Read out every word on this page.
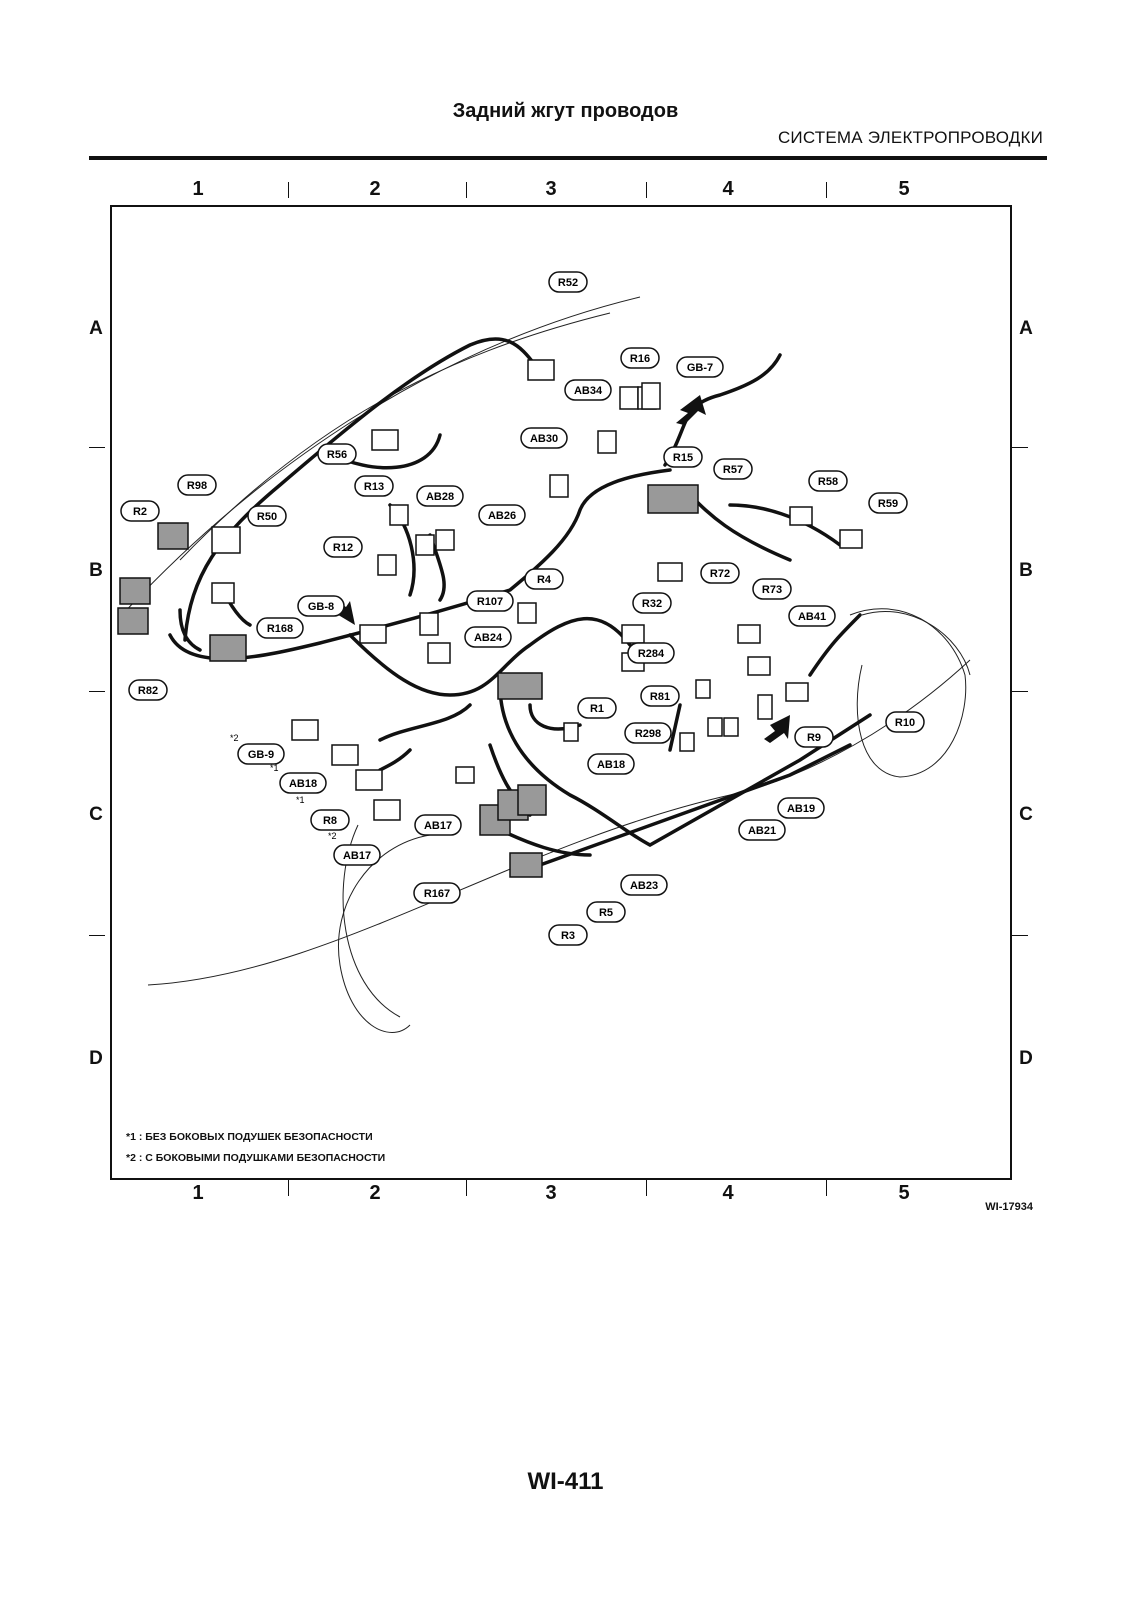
Задний жгут проводов
СИСТЕМА ЭЛЕКТРОПРОВОДКИ
1	2	3	4	5
1	2	3	4	5
A
B
C
D
A
B
C
D
R52
R16
GB-7
AB34
AB30
R15
R57
R58
R59
R56
R13
AB28
AB26
R98
R2	R50
R12
R72
R4
GB-8	R107	R32
R73
AB41
R168
AB24
R284
R82
R1
R81
R10
R298	R9
GB-9
AB18
AB18
R8
AB17
AB17
AB19
AB21
AB23
R167
R5
R3
*2
*1
*1
*2
*1 : БЕЗ БОКОВЫХ ПОДУШЕК БЕЗОПАСНОСТИ
*2 : С БОКОВЫМИ ПОДУШКАМИ БЕЗОПАСНОСТИ
WI-17934
WI-411
